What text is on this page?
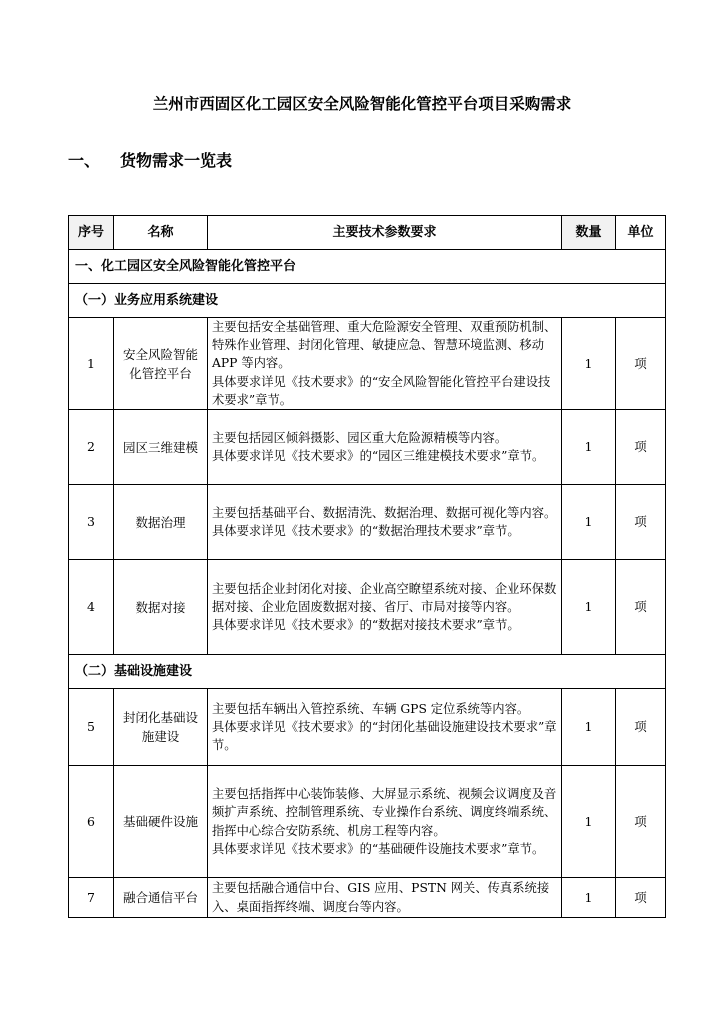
兰州市西固区化工园区安全风险智能化管控平台项目采购需求
一、 货物需求一览表
序号	名称	主要技术参数要求	数量	单位
一、化工园区安全风险智能化管控平台				
（一）业务应用系统建设				
1	安全风险智能化管控平台	主要包括安全基础管理、重大危险源安全管理、双重预防机制、特殊作业管理、封闭化管理、敏捷应急、智慧环境监测、移动 APP 等内容。

具体要求详见《技术要求》的“安全风险智能化管控平台建设技术要求”章节。	1	项
2	园区三维建模	主要包括园区倾斜摄影、园区重大危险源精模等内容。

具体要求详见《技术要求》的“园区三维建模技术要求”章节。	1	项
3	数据治理	主要包括基础平台、数据清洗、数据治理、数据可视化等内容。

具体要求详见《技术要求》的“数据治理技术要求”章节。	1	项
4	数据对接	主要包括企业封闭化对接、企业高空瞭望系统对接、企业环保数据对接、企业危固废数据对接、省厅、市局对接等内容。

具体要求详见《技术要求》的“数据对接技术要求”章节。	1	项
（二）基础设施建设				
5	封闭化基础设施建设	主要包括车辆出入管控系统、车辆 GPS 定位系统等内容。

具体要求详见《技术要求》的“封闭化基础设施建设技术要求”章节。	1	项
6	基础硬件设施	主要包括指挥中心装饰装修、大屏显示系统、视频会议调度及音频扩声系统、控制管理系统、专业操作台系统、调度终端系统、指挥中心综合安防系统、机房工程等内容。

具体要求详见《技术要求》的“基础硬件设施技术要求”章节。	1	项
7	融合通信平台	主要包括融合通信中台、GIS 应用、PSTN 网关、传真系统接入、桌面指挥终端、调度台等内容。	1	项
